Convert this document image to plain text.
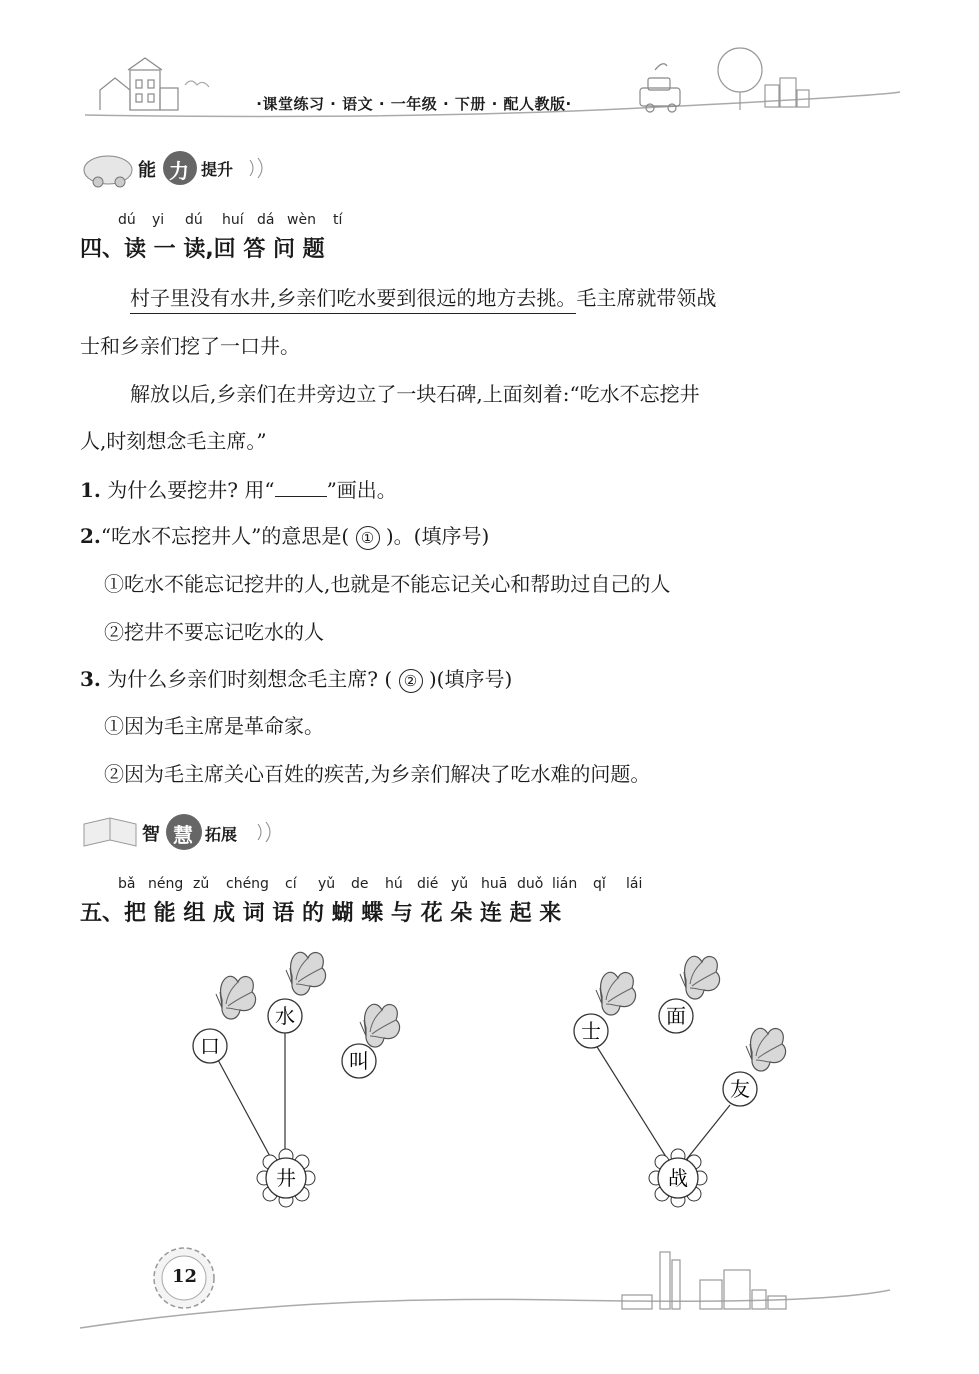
·课堂练习 · 语文 · 一年级 · 下册 · 配人教版·
能 力 提升
dú yi dú huí dá wèn tí
四、读 一 读,回 答 问 题
村子里没有水井,乡亲们吃水要到很远的地方去挑。毛主席就带领战
士和乡亲们挖了一口井。
解放以后,乡亲们在井旁边立了一块石碑,上面刻着:“吃水不忘挖井
人,时刻想念毛主席。”
1. 为什么要挖井? 用“	”画出。
2.“吃水不忘挖井人”的意思是( ① )。(填序号)
①吃水不能忘记挖井的人,也就是不能忘记关心和帮助过自己的人
②挖井不要忘记吃水的人
3. 为什么乡亲们时刻想念毛主席? ( ② )(填序号)
①因为毛主席是革命家。
②因为毛主席关心百姓的疾苦,为乡亲们解决了吃水难的问题。
智 慧 拓展
bǎ néng zǔ chéng cí yǔ de hú dié yǔ huā duǒ lián qǐ lái
五、把 能 组 成 词 语 的 蝴 蝶 与 花 朵 连 起 来
口
水
叫
井
士
面
友
战
12
